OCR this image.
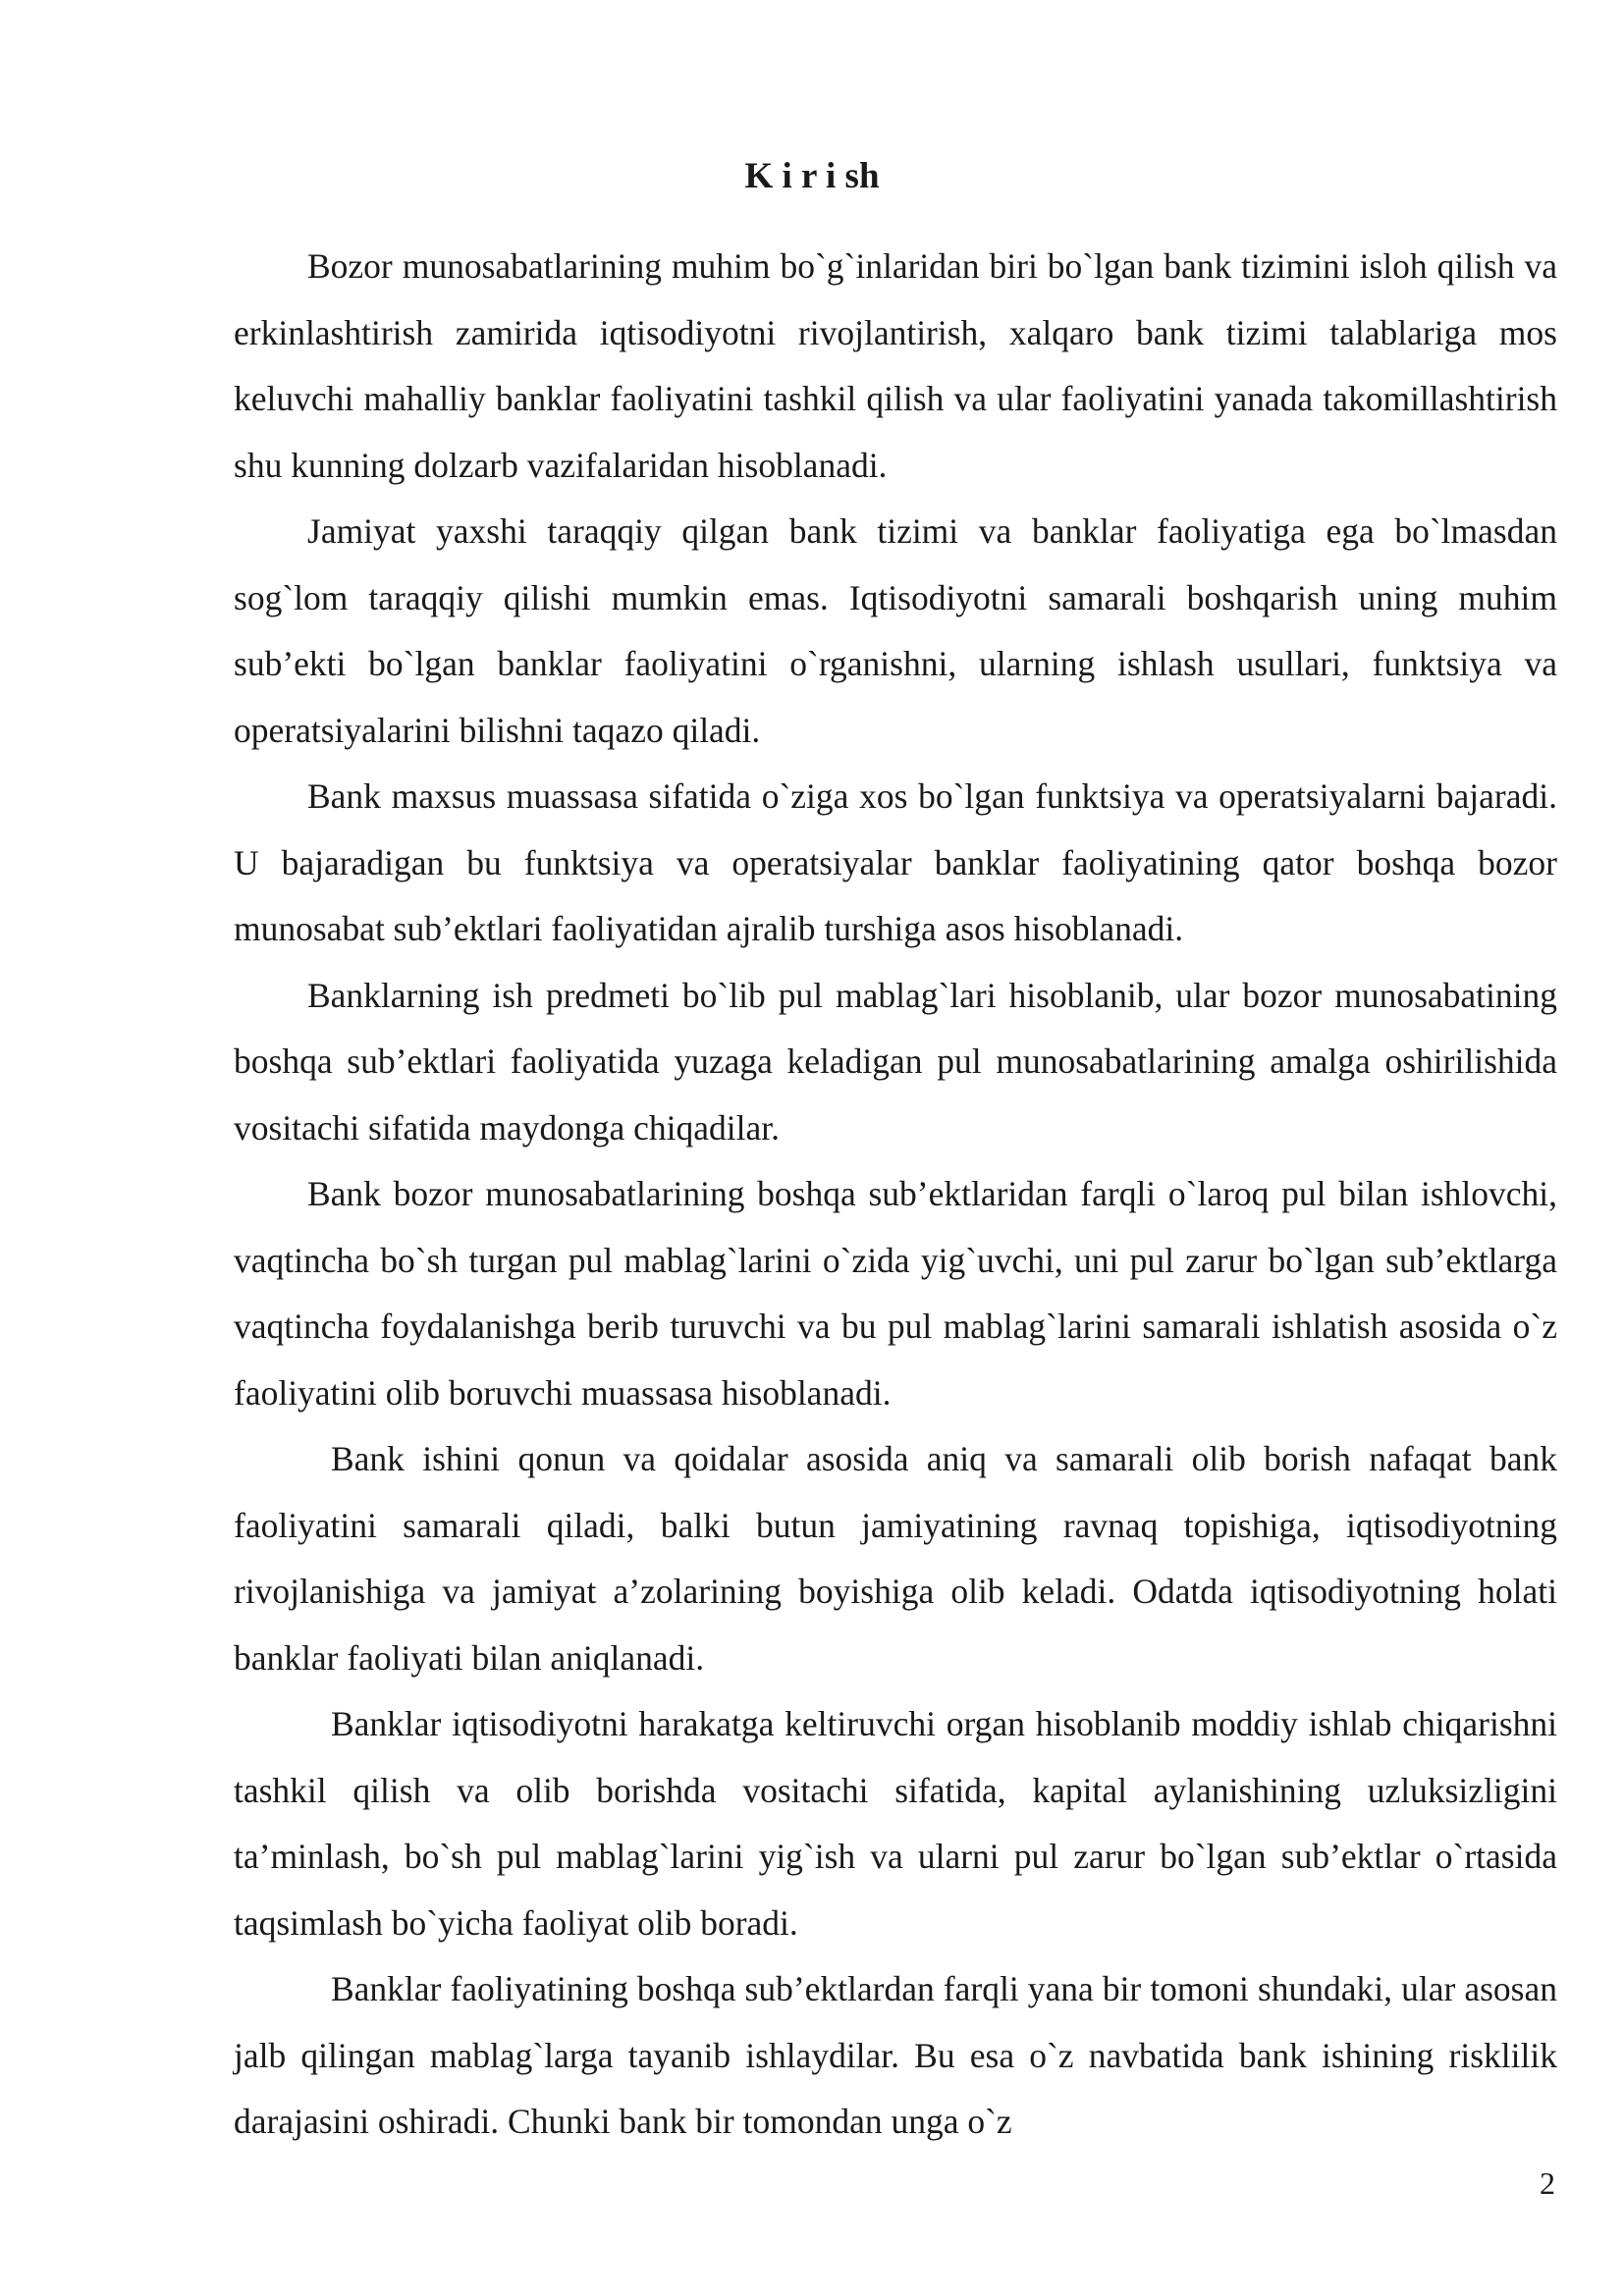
K i r i sh

Bozor munosabatlarining muhim bo`g`inlaridan biri bo`lgan bank tizimini isloh qilish va erkinlashtirish zamirida iqtisodiyotni rivojlantirish, xalqaro bank tizimi talablariga mos keluvchi mahalliy banklar faoliyatini tashkil qilish va ular faoliyatini yanada takomillashtirish shu kunning dolzarb vazifalaridan hisoblanadi.

Jamiyat yaxshi taraqqiy qilgan bank tizimi va banklar faoliyatiga ega bo`lmasdan sog`lom taraqqiy qilishi mumkin emas. Iqtisodiyotni samarali boshqarish uning muhim sub’ekti bo`lgan banklar faoliyatini o`rganishni, ularning ishlash usullari, funktsiya va operatsiyalarini bilishni taqazo qiladi.

Bank maxsus muassasa sifatida o`ziga xos bo`lgan funktsiya va operatsiyalarni bajaradi. U bajaradigan bu funktsiya va operatsiyalar banklar faoliyatining qator boshqa bozor munosabat sub’ektlari faoliyatidan ajralib turshiga asos hisoblanadi.

Banklarning ish predmeti bo`lib pul mablag`lari hisoblanib, ular bozor munosabatining boshqa sub’ektlari faoliyatida yuzaga keladigan pul munosabatlarining amalga oshirilishida vositachi sifatida maydonga chiqadilar.

Bank bozor munosabatlarining boshqa sub’ektlaridan farqli o`laroq pul bilan ishlovchi, vaqtincha bo`sh turgan pul mablag`larini o`zida yig`uvchi, uni pul zarur bo`lgan sub’ektlarga vaqtincha foydalanishga berib turuvchi va bu pul mablag`larini samarali ishlatish asosida o`z faoliyatini olib boruvchi muassasa hisoblanadi.

Bank ishini qonun va qoidalar asosida aniq va samarali olib borish nafaqat bank faoliyatini samarali qiladi, balki butun jamiyatining ravnaq topishiga, iqtisodiyotning rivojlanishiga va jamiyat a’zolarining boyishiga olib keladi. Odatda iqtisodiyotning holati banklar faoliyati bilan aniqlanadi.

Banklar iqtisodiyotni harakatga keltiruvchi organ hisoblanib moddiy ishlab chiqarishni tashkil qilish va olib borishda vositachi sifatida, kapital aylanishining uzluksizligini ta’minlash, bo`sh pul mablag`larini yig`ish va ularni pul zarur bo`lgan sub’ektlar o`rtasida taqsimlash bo`yicha faoliyat olib boradi.

Banklar faoliyatining boshqa sub’ektlardan farqli yana bir tomoni shundaki, ular asosan jalb qilingan mablag`larga tayanib ishlaydilar. Bu esa o`z navbatida bank ishining risklilik darajasini oshiradi. Chunki bank bir tomondan unga o`z

2
